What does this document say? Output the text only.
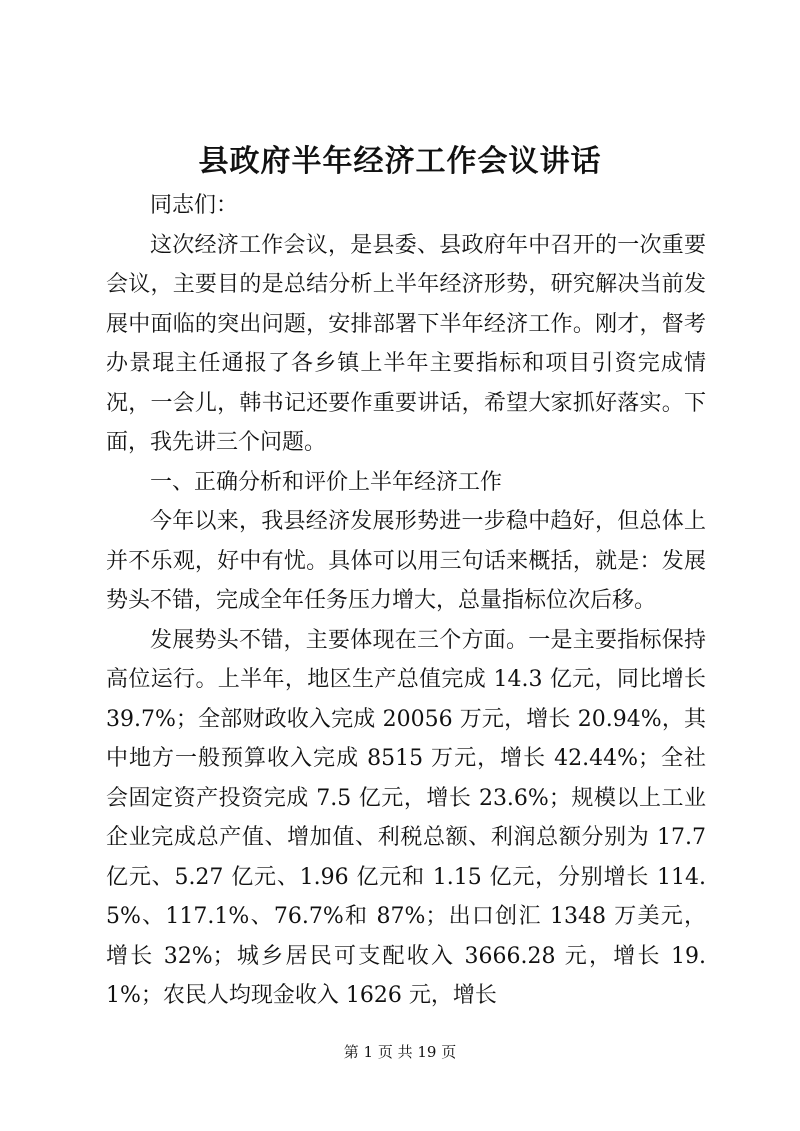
县政府半年经济工作会议讲话

同志们：

这次经济工作会议，是县委、县政府年中召开的一次重要会议，主要目的是总结分析上半年经济形势，研究解决当前发展中面临的突出问题，安排部署下半年经济工作。刚才，督考办景琨主任通报了各乡镇上半年主要指标和项目引资完成情况，一会儿，韩书记还要作重要讲话，希望大家抓好落实。下面，我先讲三个问题。

一、正确分析和评价上半年经济工作

今年以来，我县经济发展形势进一步稳中趋好，但总体上并不乐观，好中有忧。具体可以用三句话来概括，就是：发展势头不错，完成全年任务压力增大，总量指标位次后移。

发展势头不错，主要体现在三个方面。一是主要指标保持高位运行。上半年，地区生产总值完成 14.3 亿元，同比增长 39.7%；全部财政收入完成 20056 万元，增长 20.94%，其中地方一般预算收入完成 8515 万元，增长 42.44%；全社会固定资产投资完成 7.5 亿元，增长 23.6%；规模以上工业企业完成总产值、增加值、利税总额、利润总额分别为 17.7 亿元、5.27 亿元、1.96 亿元和 1.15 亿元，分别增长 114.5%、117.1%、76.7%和 87%；出口创汇 1348 万美元，增长 32%；城乡居民可支配收入 3666.28 元，增长 19.1%；农民人均现金收入 1626 元，增长

第 1 页 共 19 页
